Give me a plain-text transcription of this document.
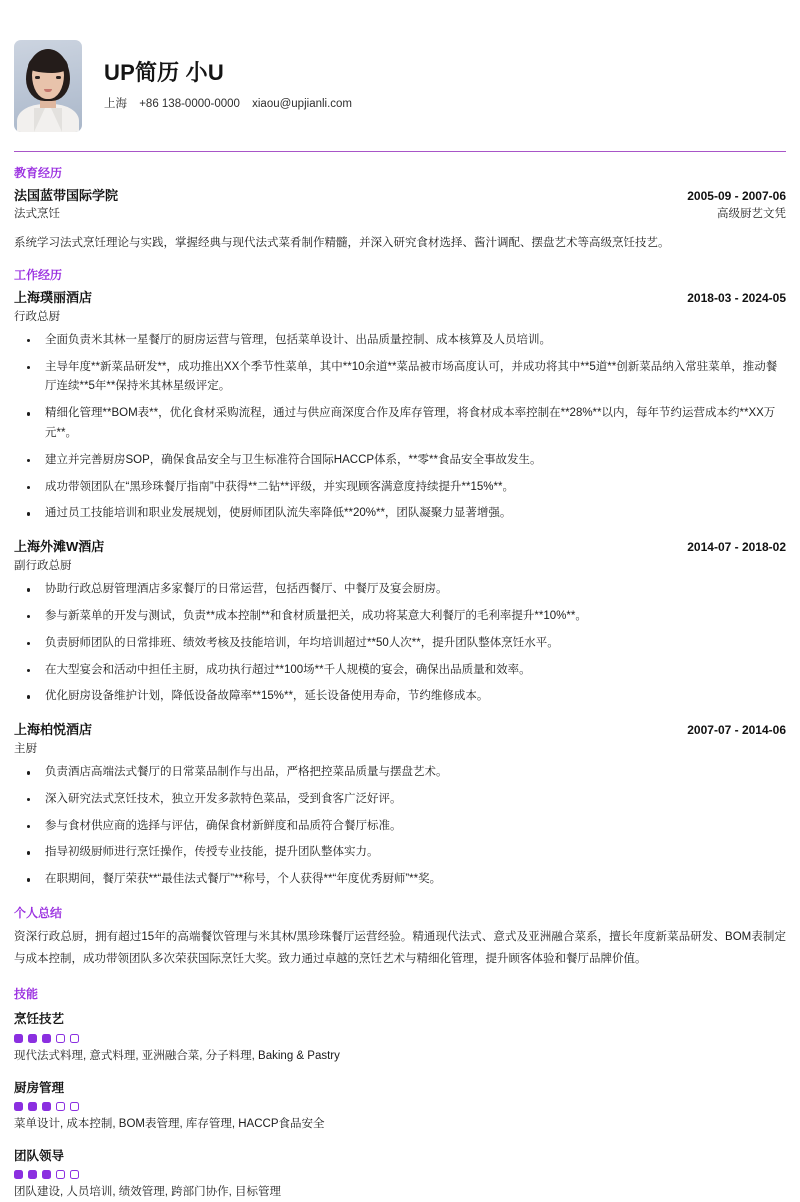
UP简历 小U
上海 +86 138-0000-0000 xiaou@upjianli.com
教育经历
法国蓝带国际学院	2005-09 - 2007-06
法式烹饪	高级厨艺文凭
系统学习法式烹饪理论与实践，掌握经典与现代法式菜肴制作精髓，并深入研究食材选择、酱汁调配、摆盘艺术等高级烹饪技艺。
工作经历
上海璞丽酒店	2018-03 - 2024-05
行政总厨
全面负责米其林一星餐厅的厨房运营与管理，包括菜单设计、出品质量控制、成本核算及人员培训。
主导年度**新菜品研发**，成功推出XX个季节性菜单，其中**10余道**菜品被市场高度认可，并成功将其中**5道**创新菜品纳入常驻菜单，推动餐厅连续**5年**保持米其林星级评定。
精细化管理**BOM表**，优化食材采购流程，通过与供应商深度合作及库存管理，将食材成本率控制在**28%**以内，每年节约运营成本约**XX万元**。
建立并完善厨房SOP，确保食品安全与卫生标准符合国际HACCP体系，**零**食品安全事故发生。
成功带领团队在“黑珍珠餐厅指南”中获得**二钻**评级，并实现顾客满意度持续提升**15%**。
通过员工技能培训和职业发展规划，使厨师团队流失率降低**20%**，团队凝聚力显著增强。
上海外滩W酒店	2014-07 - 2018-02
副行政总厨
协助行政总厨管理酒店多家餐厅的日常运营，包括西餐厅、中餐厅及宴会厨房。
参与新菜单的开发与测试，负责**成本控制**和食材质量把关，成功将某意大利餐厅的毛利率提升**10%**。
负责厨师团队的日常排班、绩效考核及技能培训，年均培训超过**50人次**，提升团队整体烹饪水平。
在大型宴会和活动中担任主厨，成功执行超过**100场**千人规模的宴会，确保出品质量和效率。
优化厨房设备维护计划，降低设备故障率**15%**，延长设备使用寿命，节约维修成本。
上海柏悦酒店	2007-07 - 2014-06
主厨
负责酒店高端法式餐厅的日常菜品制作与出品，严格把控菜品质量与摆盘艺术。
深入研究法式烹饪技术，独立开发多款特色菜品，受到食客广泛好评。
参与食材供应商的选择与评估，确保食材新鲜度和品质符合餐厅标准。
指导初级厨师进行烹饪操作，传授专业技能，提升团队整体实力。
在职期间，餐厅荣获**“最佳法式餐厅”**称号，个人获得**“年度优秀厨师”**奖。
个人总结
资深行政总厨，拥有超过15年的高端餐饮管理与米其林/黑珍珠餐厅运营经验。精通现代法式、意式及亚洲融合菜系，擅长年度新菜品研发、BOM表制定与成本控制，成功带领团队多次荣获国际烹饪大奖。致力通过卓越的烹饪艺术与精细化管理，提升顾客体验和餐厅品牌价值。
技能
烹饪技艺
现代法式料理, 意式料理, 亚洲融合菜, 分子料理, Baking & Pastry
厨房管理
菜单设计, 成本控制, BOM表管理, 库存管理, HACCP食品安全
团队领导
团队建设, 人员培训, 绩效管理, 跨部门协作, 目标管理
